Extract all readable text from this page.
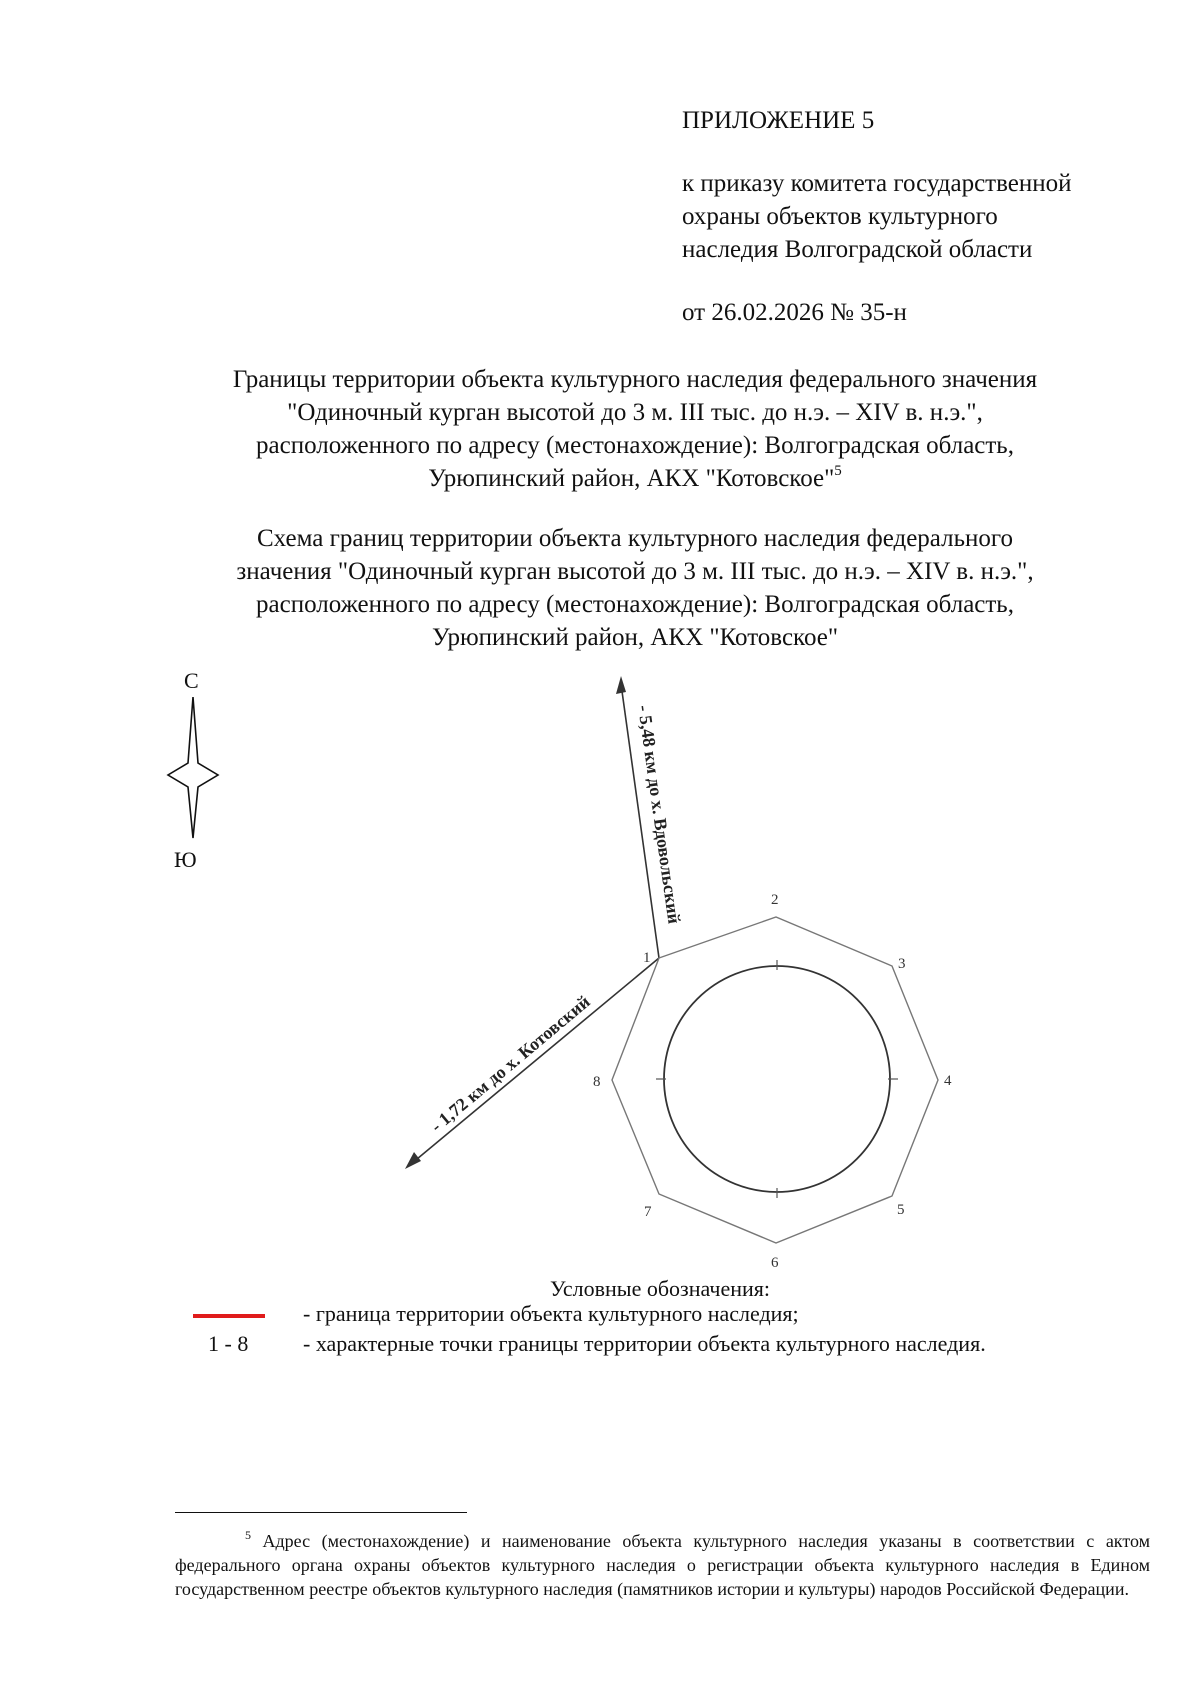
ПРИЛОЖЕНИЕ 5

к приказу комитета государственной
охраны объектов культурного
наследия Волгоградской области
от 26.02.2026 № 35-н

Границы территории объекта культурного наследия федерального значения

"Одиночный курган высотой до 3 м. III тыс. до н.э. – XIV в. н.э.",

расположенного по адресу (местонахождение): Волгоградская область,

Урюпинский район, АКХ "Котовское"$^5$

Схема границ территории объекта культурного наследия федерального

значения "Одиночный курган высотой до 3 м. III тыс. до н.э. – XIV в. н.э.",

расположенного по адресу (местонахождение): Волгоградская область,

Урюпинский район, АКХ "Котовское"

С
Ю	- 5,48 км до х. Вдовольский
- 1,72 км до х. Котовский
1
2
3
4
5
6
7
8
Условные обозначения:
- граница территории объекта культурного наследия;
1 - 8 - характерные точки границы территории объекта культурного наследия.
$^5$ Адрес (местонахождение) и наименование объекта культурного наследия указаны в соответствии с актом федерального органа охраны объектов культурного наследия о регистрации объекта культурного наследия в Едином государственном реестре объектов культурного наследия (памятников истории и культуры) народов Российской Федерации.
